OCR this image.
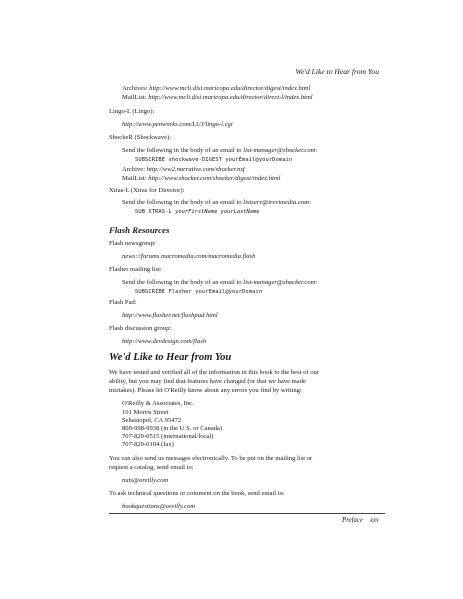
We'd Like to Hear from You
Archives: http://www.mcli.dist.maricopa.edu/director/digest/index.html
MailList: http://www.mcli.dist.maricopa.edu/director/direct-l/index.html
Lingo-L (Lingo):
http://www.penworks.com/LUJ/lingo-l.cgi
ShockeR (Shockwave):
Send the following in the body of an email to list-manager@shocker.com:
SUBSCRIBE shockwave-DIGEST yourEmail@yourDomain
Archive: http://ww2.narrative.com/shocker.nsf
MailList: http://www.shocker.com/shocker/digest/index.html
Xtras-L (Xtras for Director):
Send the following in the body of an email to listserv@trevimedia.com:
SUB XTRAS-L yourFirstName yourLastName
Flash Resources
Flash newsgroup:
news://forums.macromedia.com/macromedia.flash
Flasher mailing list:
Send the following in the body of an email to list-manager@shocker.com:
SUBSCRIBE Flasher yourEmail@yourDomain
Flash Pad:
http://www.flasher.net/flashpad.html
Flash discussion group:
http://www.devdesign.com/flash
We'd Like to Hear from You
We have tested and verified all of the information in this book to the best of our
ability, but you may find that features have changed (or that we have made
mistakes). Please let O'Reilly know about any errors you find by writing:
O'Reilly & Associates, Inc.
101 Morris Street
Sebastopol, CA 95472
800-998-9938 (in the U.S. or Canada)
707-829-0515 (international/local)
707-829-0104 (fax)
You can also send us messages electronically. To be put on the mailing list or
request a catalog, send email to:
nuts@oreilly.com
To ask technical questions or comment on the book, send email to:
bookquestions@oreilly.com
Preface xxv
